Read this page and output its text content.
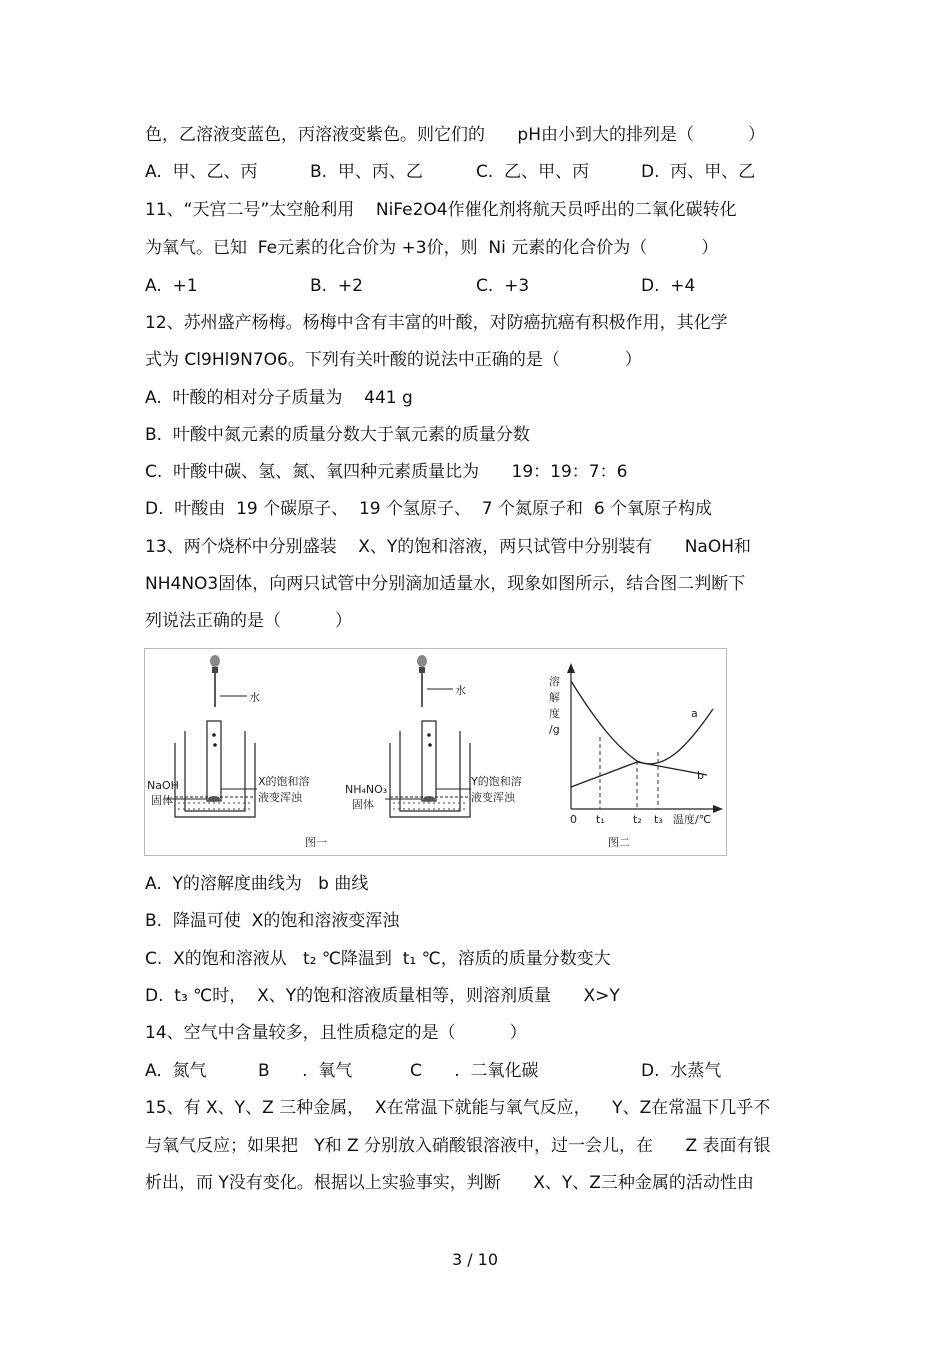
色，乙溶液变蓝色，丙溶液变紫色。则它们的      pH由小到大的排列是（          ）
A.  甲、乙、丙	B.  甲、丙、乙	C.  乙、甲、丙	D.  丙、甲、乙
11、“天宫二号”太空舱利用    NiFe2O4作催化剂将航天员呼出的二氧化碳转化
为氧气。已知  Fe元素的化合价为 +3价，则  Ni 元素的化合价为（          ）
A.  +1	B.  +2	C.  +3	D.  +4
12、苏州盛产杨梅。杨梅中含有丰富的叶酸，对防癌抗癌有积极作用，其化学
式为 Cl9Hl9N7O6。下列有关叶酸的说法中正确的是（            ）
A.  叶酸的相对分子质量为    441 g
B.  叶酸中氮元素的质量分数大于氧元素的质量分数
C.  叶酸中碳、氢、氮、氧四种元素质量比为      19：19：7：6
D.  叶酸由  19 个碳原子、  19 个氢原子、  7 个氮原子和  6 个氧原子构成
13、两个烧杯中分别盛装    X、Y的饱和溶液，两只试管中分别装有      NaOH和
NH4NO3固体，向两只试管中分别滴加适量水，现象如图所示，结合图二判断下
列说法正确的是（          ）
水
NaOH
固体
X的饱和溶
液变浑浊
图一
水
NH₄NO₃
固体
Y的饱和溶
液变浑浊
溶
解
度
/g
a
b
0 t₁	t₂ t₃ 温度/℃
图二
A.  Y的溶解度曲线为   b 曲线
B.  降温可使  X的饱和溶液变浑浊
C.  X的饱和溶液从   t₂ ℃降温到  t₁ ℃，溶质的质量分数变大
D.  t₃ ℃时，  X、Y的饱和溶液质量相等，则溶剂质量      X>Y
14、空气中含量较多，且性质稳定的是（          ）
A.  氮气	B      .  氧气	C      .  二氧化碳	D.  水蒸气
15、有 X、Y、Z 三种金属，  X在常温下就能与氧气反应，    Y、Z在常温下几乎不
与氧气反应；如果把   Y和 Z 分别放入硝酸银溶液中，过一会儿，在      Z 表面有银
析出，而 Y没有变化。根据以上实验事实，判断      X、Y、Z三种金属的活动性由
3 / 10
